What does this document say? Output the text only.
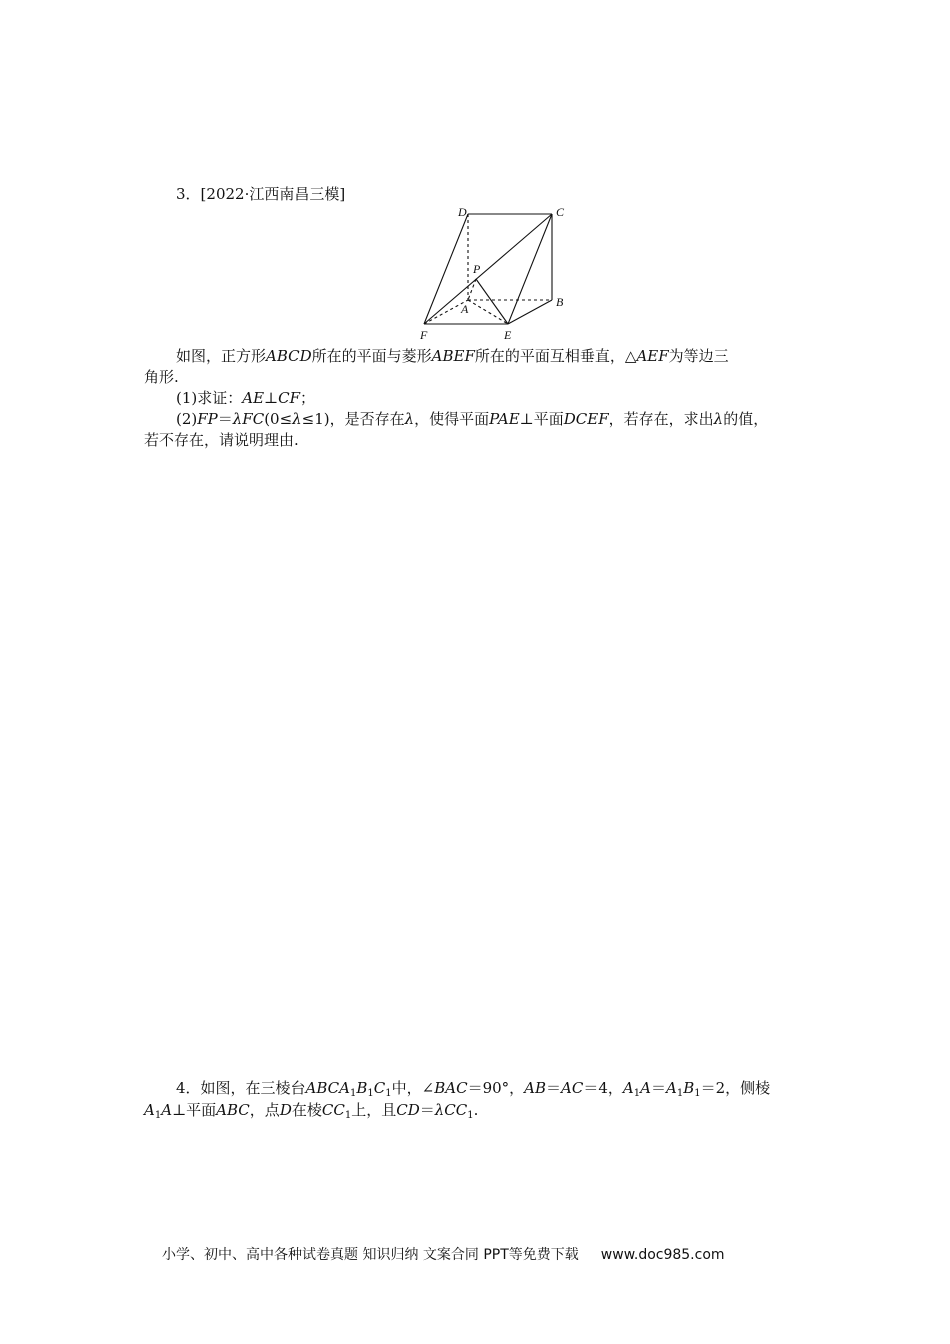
3．[2022·江西南昌三模]
D	C
P
B
A
F	E
如图，正方形ABCD所在的平面与菱形ABEF所在的平面互相垂直，△AEF为等边三
角形.
(1)求证：AE⊥CF；
(2)FP＝λFC(0≤λ≤1)，是否存在λ，使得平面PAE⊥平面DCEF，若存在，求出λ的值，
若不存在，请说明理由.
4．如图，在三棱台$ABCA_1B_1C_1$中，∠BAC＝90°，AB＝AC＝4，$A_1A=A_1B_1=2$，侧棱
$A_1A\perp$平面ABC，点D在棱$CC_1$上，且CD＝λCC$_1$.
小学、初中、高中各种试卷真题 知识归纳 文案合同 PPT等免费下载 www.doc985.com
